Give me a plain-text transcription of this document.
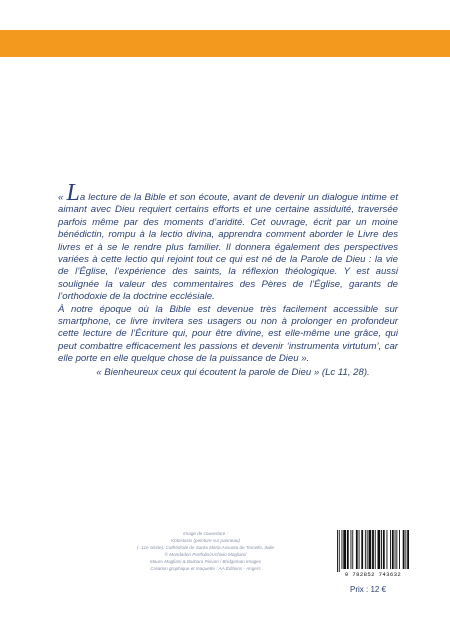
« La lecture de la Bible et son écoute, avant de devenir un dialogue intime et aimant avec Dieu requiert certains efforts et une certaine assiduité, traversée parfois même par des moments d’aridité. Cet ouvrage, écrit par un moine bénédictin, rompu à la lectio divina, apprendra comment aborder le Livre des livres et à se le rendre plus familier. Il donnera également des perspectives variées à cette lectio qui rejoint tout ce qui est né de la Parole de Dieu : la vie de l’Église, l’expérience des saints, la réflexion théologique. Y est aussi soulignée la valeur des commentaires des Pères de l’Église, garants de l’orthodoxie de la doctrine ecclésiale.

À notre époque où la Bible est devenue très facilement accessible sur smartphone, ce livre invitera ses usagers ou non à prolonger en profondeur cette lecture de l’Écriture qui, pour être divine, est elle-même une grâce, qui peut combattre efficacement les passions et devenir ‘instrumenta virtutum’, car elle porte en elle quelque chose de la puissance de Dieu ».

« Bienheureux ceux qui écoutent la parole de Dieu » (Lc 11, 28).

Image de couverture :
Kotostasis (peinture sur panneau)
(- 11e siècle), Cathédrale de Santa Maria Assunta de Torcello, Italie
© Mondadori Portfolio/Archivio Magliani/
Mauro Magliani & Barbara Piovan / Bridgeman Images
Création graphique et maquette : AA Éditions - Angers
9 782852 743632
Prix : 12 €
